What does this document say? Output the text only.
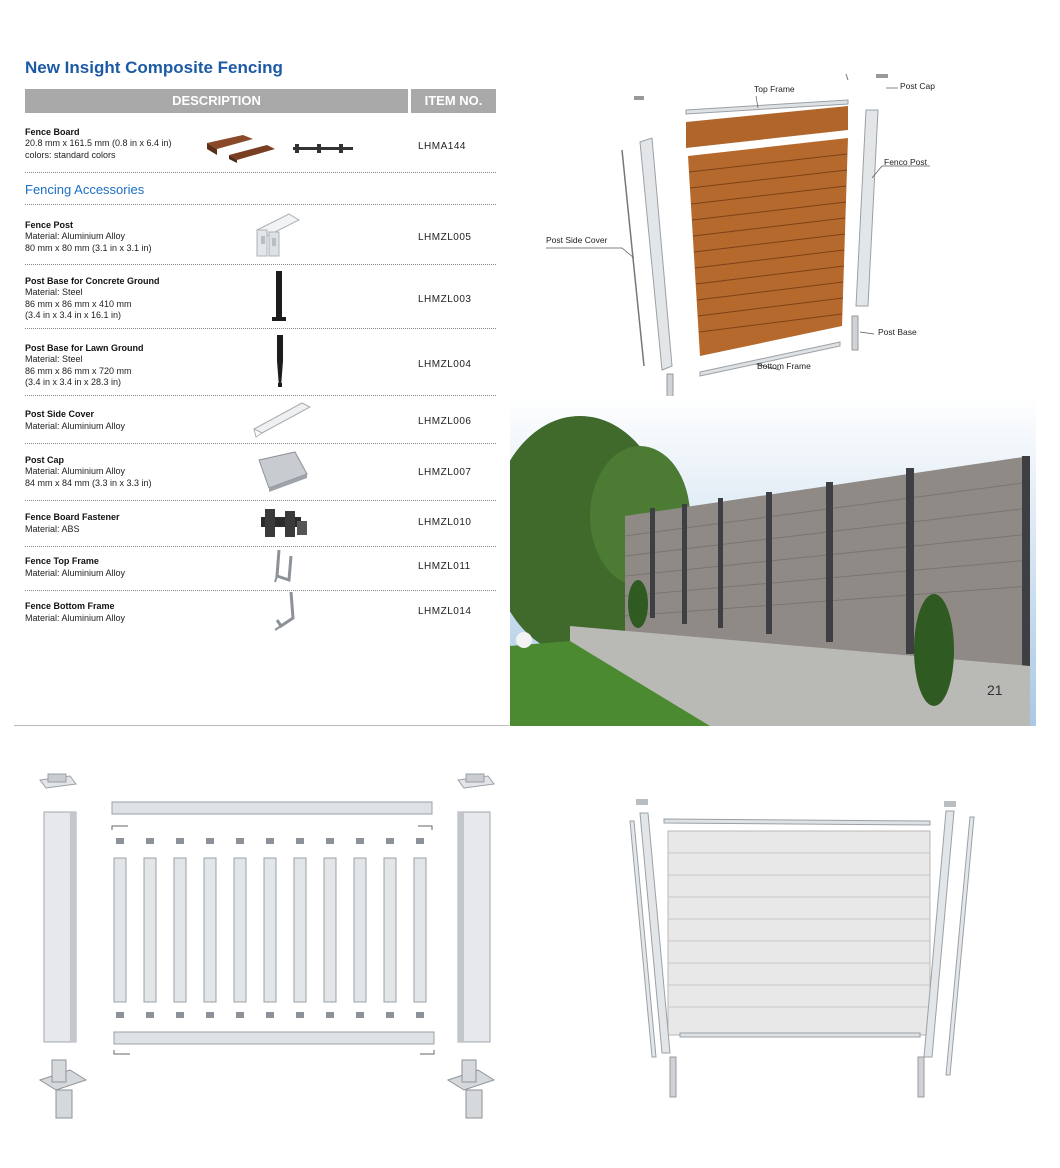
New Insight Composite Fencing
DESCRIPTION	ITEM NO.
Fence Board
20.8 mm x 161.5 mm (0.8 in x 6.4 in)
colors: standard colors
LHMA144
Fencing Accessories
Fence Post
Material: Aluminium Alloy
80 mm x 80 mm (3.1 in x 3.1 in)
LHMZL005
Post Base for Concrete Ground
Material: Steel
86 mm x 86 mm x 410 mm
(3.4 in x 3.4 in x 16.1 in)
LHMZL003
Post Base for Lawn Ground
Material: Steel
86 mm x 86 mm x 720 mm
(3.4 in x 3.4 in x 28.3 in)
LHMZL004
Post Side Cover
Material: Aluminium Alloy	LHMZL006
Post Cap
Material: Aluminium Alloy
84 mm x 84 mm (3.3 in x 3.3 in)
LHMZL007
Fence Board Fastener
Material: ABS
LHMZL010
Fence Top Frame
Material: Aluminium Alloy
LHMZL011
Fence Bottom Frame
Material: Aluminium Alloy
LHMZL014
Top Frame	Post Cap
Fenco Post
Post Side Cover
Post Base
Bottom Frame
21
